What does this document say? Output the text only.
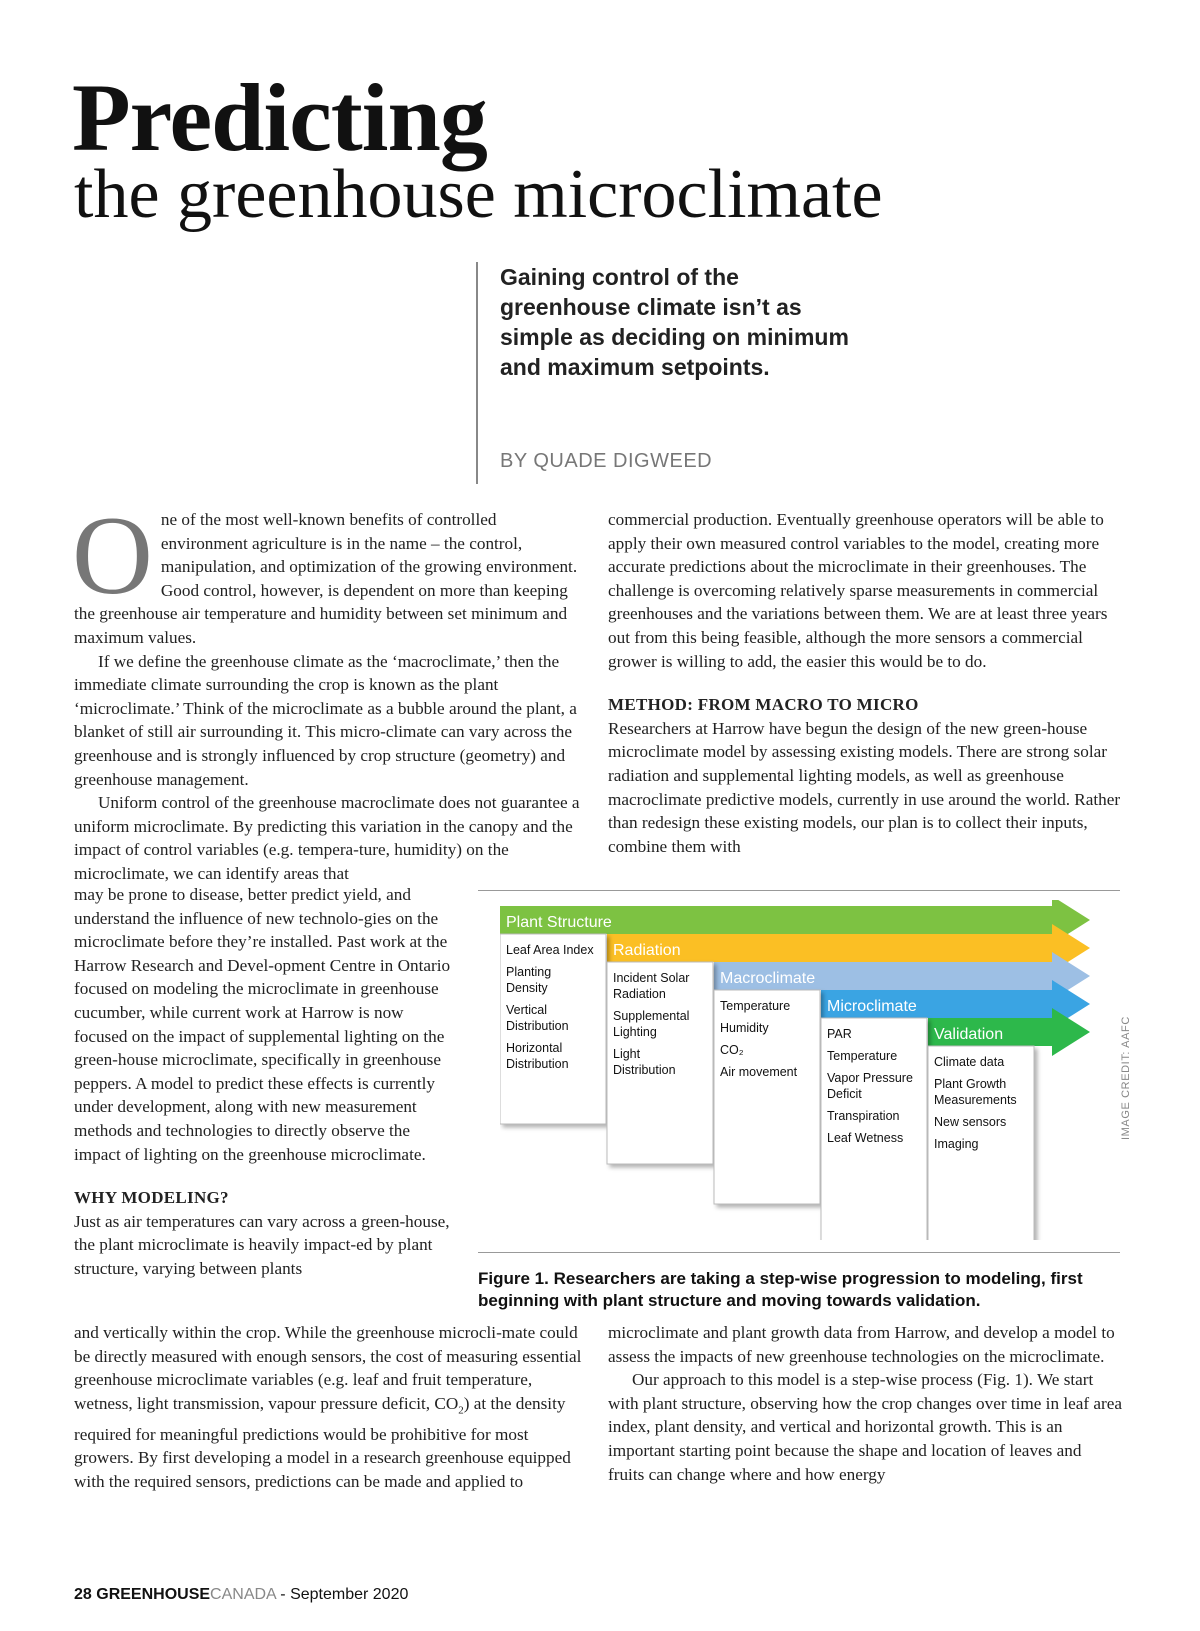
Predicting
the greenhouse microclimate
Gaining control of the greenhouse climate isn’t as simple as deciding on minimum and maximum setpoints.
BY QUADE DIGWEED

One of the most well-known benefits of controlled environment agriculture is in the name – the control, manipulation, and optimization of the growing environment. Good control, however, is dependent on more than keeping the greenhouse air temperature and humidity between set minimum and maximum values.

If we define the greenhouse climate as the ‘macroclimate,’ then the immediate climate surrounding the crop is known as the plant ‘microclimate.’ Think of the microclimate as a bubble around the plant, a blanket of still air surrounding it. This micro-climate can vary across the greenhouse and is strongly influenced by crop structure (geometry) and greenhouse management.

Uniform control of the greenhouse macroclimate does not guarantee a uniform microclimate. By predicting this variation in the canopy and the impact of control variables (e.g. tempera-ture, humidity) on the microclimate, we can identify areas that

may be prone to disease, better predict yield, and understand the influence of new technolo-gies on the microclimate before they’re installed. Past work at the Harrow Research and Devel-opment Centre in Ontario focused on modeling the microclimate in greenhouse cucumber, while current work at Harrow is now focused on the impact of supplemental lighting on the green-house microclimate, specifically in greenhouse peppers. A model to predict these effects is currently under development, along with new measurement methods and technologies to directly observe the impact of lighting on the greenhouse microclimate.

WHY MODELING?

Just as air temperatures can vary across a green-house, the plant microclimate is heavily impact-ed by plant structure, varying between plants

and vertically within the crop. While the greenhouse microcli-mate could be directly measured with enough sensors, the cost of measuring essential greenhouse microclimate variables (e.g. leaf and fruit temperature, wetness, light transmission, vapour pressure deficit, $CO_2$) at the density required for meaningful predictions would be prohibitive for most growers. By first developing a model in a research greenhouse equipped with the required sensors, predictions can be made and applied to

commercial production. Eventually greenhouse operators will be able to apply their own measured control variables to the model, creating more accurate predictions about the microclimate in their greenhouses. The challenge is overcoming relatively sparse measurements in commercial greenhouses and the variations between them. We are at least three years out from this being feasible, although the more sensors a commercial grower is willing to add, the easier this would be to do.

METHOD: FROM MACRO TO MICRO

Researchers at Harrow have begun the design of the new green-house microclimate model by assessing existing models. There are strong solar radiation and supplemental lighting models, as well as greenhouse macroclimate predictive models, currently in use around the world. Rather than redesign these existing models, our plan is to collect their inputs, combine them with

microclimate and plant growth data from Harrow, and develop a model to assess the impacts of new greenhouse technologies on the microclimate.

Our approach to this model is a step-wise process (Fig. 1). We start with plant structure, observing how the crop changes over time in leaf area index, plant density, and vertical and horizontal growth. This is an important starting point because the shape and location of leaves and fruits can change where and how energy

Plant Structure
Leaf Area Index
Planting
Density
Vertical
Distribution
Horizontal
Distribution
Radiation
Incident Solar
Radiation
Supplemental
Lighting
Light
Distribution
Macroclimate
Temperature
Humidity
CO₂
Air movement
Microclimate
PAR
Temperature
Vapor Pressure
Deficit
Transpiration
Leaf Wetness
Validation
Climate data
Plant Growth
Measurements
New sensors
Imaging
IMAGE CREDIT: AAFC
Figure 1. Researchers are taking a step-wise progression to modeling, first beginning with plant structure and moving towards validation.
28 GREENHOUSECANADA - September 2020
